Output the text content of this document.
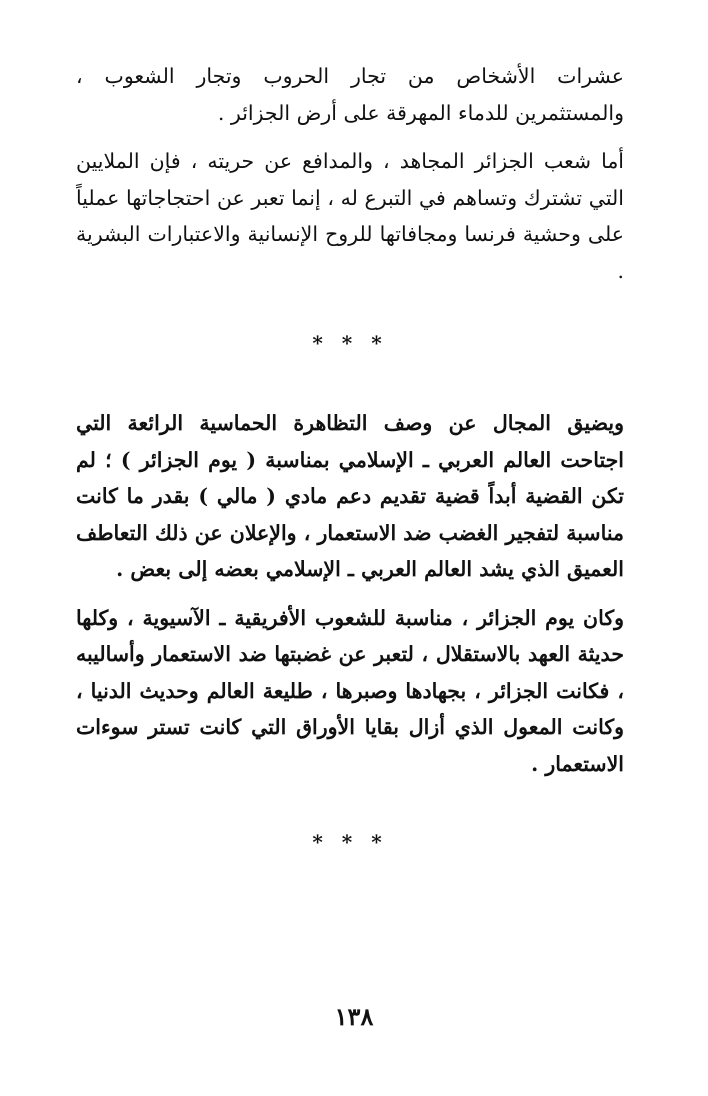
عشرات الأشخاص من تجار الحروب وتجار الشعوب ، والمستثمرين للدماء المهرقة على أرض الجزائر .

أما شعب الجزائر المجاهد ، والمدافع عن حريته ، فإن الملايين التي تشترك وتساهم في التبرع له ، إنما تعبر عن احتجاجاتها عملياً على وحشية فرنسا ومجافاتها للروح الإنسانية والاعتبارات البشرية .

* * *

ويضيق المجال عن وصف التظاهرة الحماسية الرائعة التي اجتاحت العالم العربي ـ الإسلامي بمناسبة ( يوم الجزائر ) ؛ لم تكن القضية أبداً قضية تقديم دعم مادي ( مالي ) بقدر ما كانت مناسبة لتفجير الغضب ضد الاستعمار ، والإعلان عن ذلك التعاطف العميق الذي يشد العالم العربي ـ الإسلامي بعضه إلى بعض .

وكان يوم الجزائر ، مناسبة للشعوب الأفريقية ـ الآسيوية ، وكلها حديثة العهد بالاستقلال ، لتعبر عن غضبتها ضد الاستعمار وأساليبه ، فكانت الجزائر ، بجهادها وصبرها ، طليعة العالم وحديث الدنيا ، وكانت المعول الذي أزال بقايا الأوراق التي كانت تستر سوءات الاستعمار .

* * *
١٣٨
